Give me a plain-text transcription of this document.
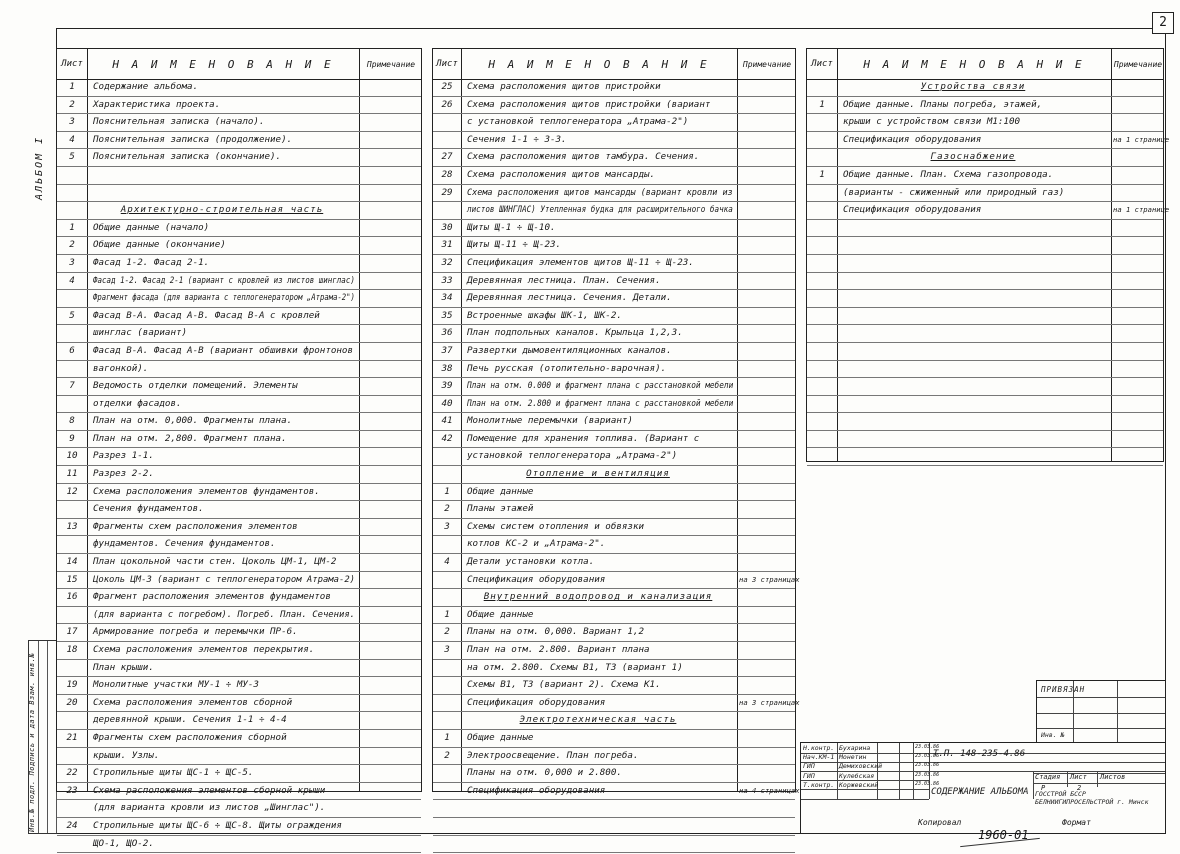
2
АЛЬБОМ I
Инв.№ подл. Подпись и дата Взам. инв.№
Лист	Н А И М Е Н О В А Н И Е	Примечание
1	Содержание альбома.
2	Характеристика проекта.
3	Пояснительная записка (начало).
4	Пояснительная записка (продолжение).
5	Пояснительная записка (окончание).
Архитектурно-строительная часть
1	Общие данные (начало)
2	Общие данные (окончание)
3	Фасад 1-2. Фасад 2-1.
4	Фасад 1-2. Фасад 2-1 (вариант с кровлей из листов шинглас)
Фрагмент фасада (для варианта с теплогенератором „Атрама-2")
5	Фасад В-А. Фасад А-В. Фасад В-А с кровлей
шинглас (вариант)
6	Фасад В-А. Фасад А-В (вариант обшивки фронтонов
вагонкой).
7	Ведомость отделки помещений. Элементы
отделки фасадов.
8	План на отм. 0,000. Фрагменты плана.
9	План на отм. 2,800. Фрагмент плана.
10	Разрез 1-1.
11	Разрез 2-2.
12	Схема расположения элементов фундаментов.
Сечения фундаментов.
13	Фрагменты схем расположения элементов
фундаментов. Сечения фундаментов.
14	План цокольной части стен. Цоколь ЦМ-1, ЦМ-2
15	Цоколь ЦМ-3 (вариант с теплогенератором Атрама-2)
16	Фрагмент расположения элементов фундаментов
(для варианта с погребом). Погреб. План. Сечения.
17	Армирование погреба и перемычки ПР-6.
18	Схема расположения элементов перекрытия.
План крыши.
19	Монолитные участки МУ-1 ÷ МУ-3
20	Схема расположения элементов сборной
деревянной крыши. Сечения 1-1 ÷ 4-4
21	Фрагменты схем расположения сборной
крыши. Узлы.
22	Стропильные щиты ЩС-1 ÷ ЩС-5.
23	Схема расположения элементов сборной крыши
(для варианта кровли из листов „Шинглас").
24	Стропильные щиты ЩС-6 ÷ ЩС-8. Щиты ограждения
ЩО-1, ЩО-2.
Лист	Н А И М Е Н О В А Н И Е	Примечание
25	Схема расположения щитов пристройки
26	Схема расположения щитов пристройки (вариант
с установкой теплогенератора „Атрама-2")
Сечения 1-1 ÷ 3-3.
27	Схема расположения щитов тамбура. Сечения.
28	Схема расположения щитов мансарды.
29	Схема расположения щитов мансарды (вариант кровли из
листов ШИНГЛАС) Утепленная будка для расширительного бачка
30	Щиты Щ-1 ÷ Щ-10.
31	Щиты Щ-11 ÷ Щ-23.
32	Спецификация элементов щитов Щ-11 ÷ Щ-23.
33	Деревянная лестница. План. Сечения.
34	Деревянная лестница. Сечения. Детали.
35	Встроенные шкафы ШК-1, ШК-2.
36	План подпольных каналов. Крыльца 1,2,3.
37	Развертки дымовентиляционных каналов.
38	Печь русская (отопительно-варочная).
39	План на отм. 0.000 и фрагмент плана с расстановкой мебели
40	План на отм. 2.800 и фрагмент плана с расстановкой мебели
41	Монолитные перемычки (вариант)
42	Помещение для хранения топлива. (Вариант с
установкой теплогенератора „Атрама-2")
Отопление и вентиляция
1	Общие данные
2	Планы этажей
3	Схемы систем отопления и обвязки
котлов КС-2 и „Атрама-2".
4	Детали установки котла.
Спецификация оборудования	на 3 страницах
Внутренний водопровод и канализация
1	Общие данные
2	Планы на отм. 0,000. Вариант 1,2
3	План на отм. 2.800. Вариант плана
на отм. 2.800. Схемы В1, Т3 (вариант 1)
Схемы В1, Т3 (вариант 2). Схема К1.
Спецификация оборудования	на 3 страницах
Электротехническая часть
1	Общие данные
2	Электроосвещение. План погреба.
Планы на отм. 0,000 и 2.800.
Спецификация оборудования	на 4 страницах
Лист	Н А И М Е Н О В А Н И Е	Примечание
Устройства связи
1	Общие данные. Планы погреба, этажей,
крыши с устройством связи М1:100
Спецификация оборудования	на 1 странице
Газоснабжение
1	Общие данные. План. Схема газопровода.
(варианты - сжиженный или природный газ)
Спецификация оборудования	на 1 странице
ПРИВЯЗАН
Инв. №
Н.контр. Бухарина	23.03.86
Нач.КМ-1 Монетин	23.03.86
ГИП	Демиховский	23.03.86
ГИП	Кулебская	23.03.86
Т.контр. Коржевский	23.03.86
Т.П. 148-235-4.86
СОДЕРЖАНИЕ АЛЬБОМА
Стадия Лист Листов
Р	2
ГОССТРОЙ БССР БЕЛНИИГИПРОСЕЛЬСТРОЙ г. Минск
Копировал	Формат
1960-01
